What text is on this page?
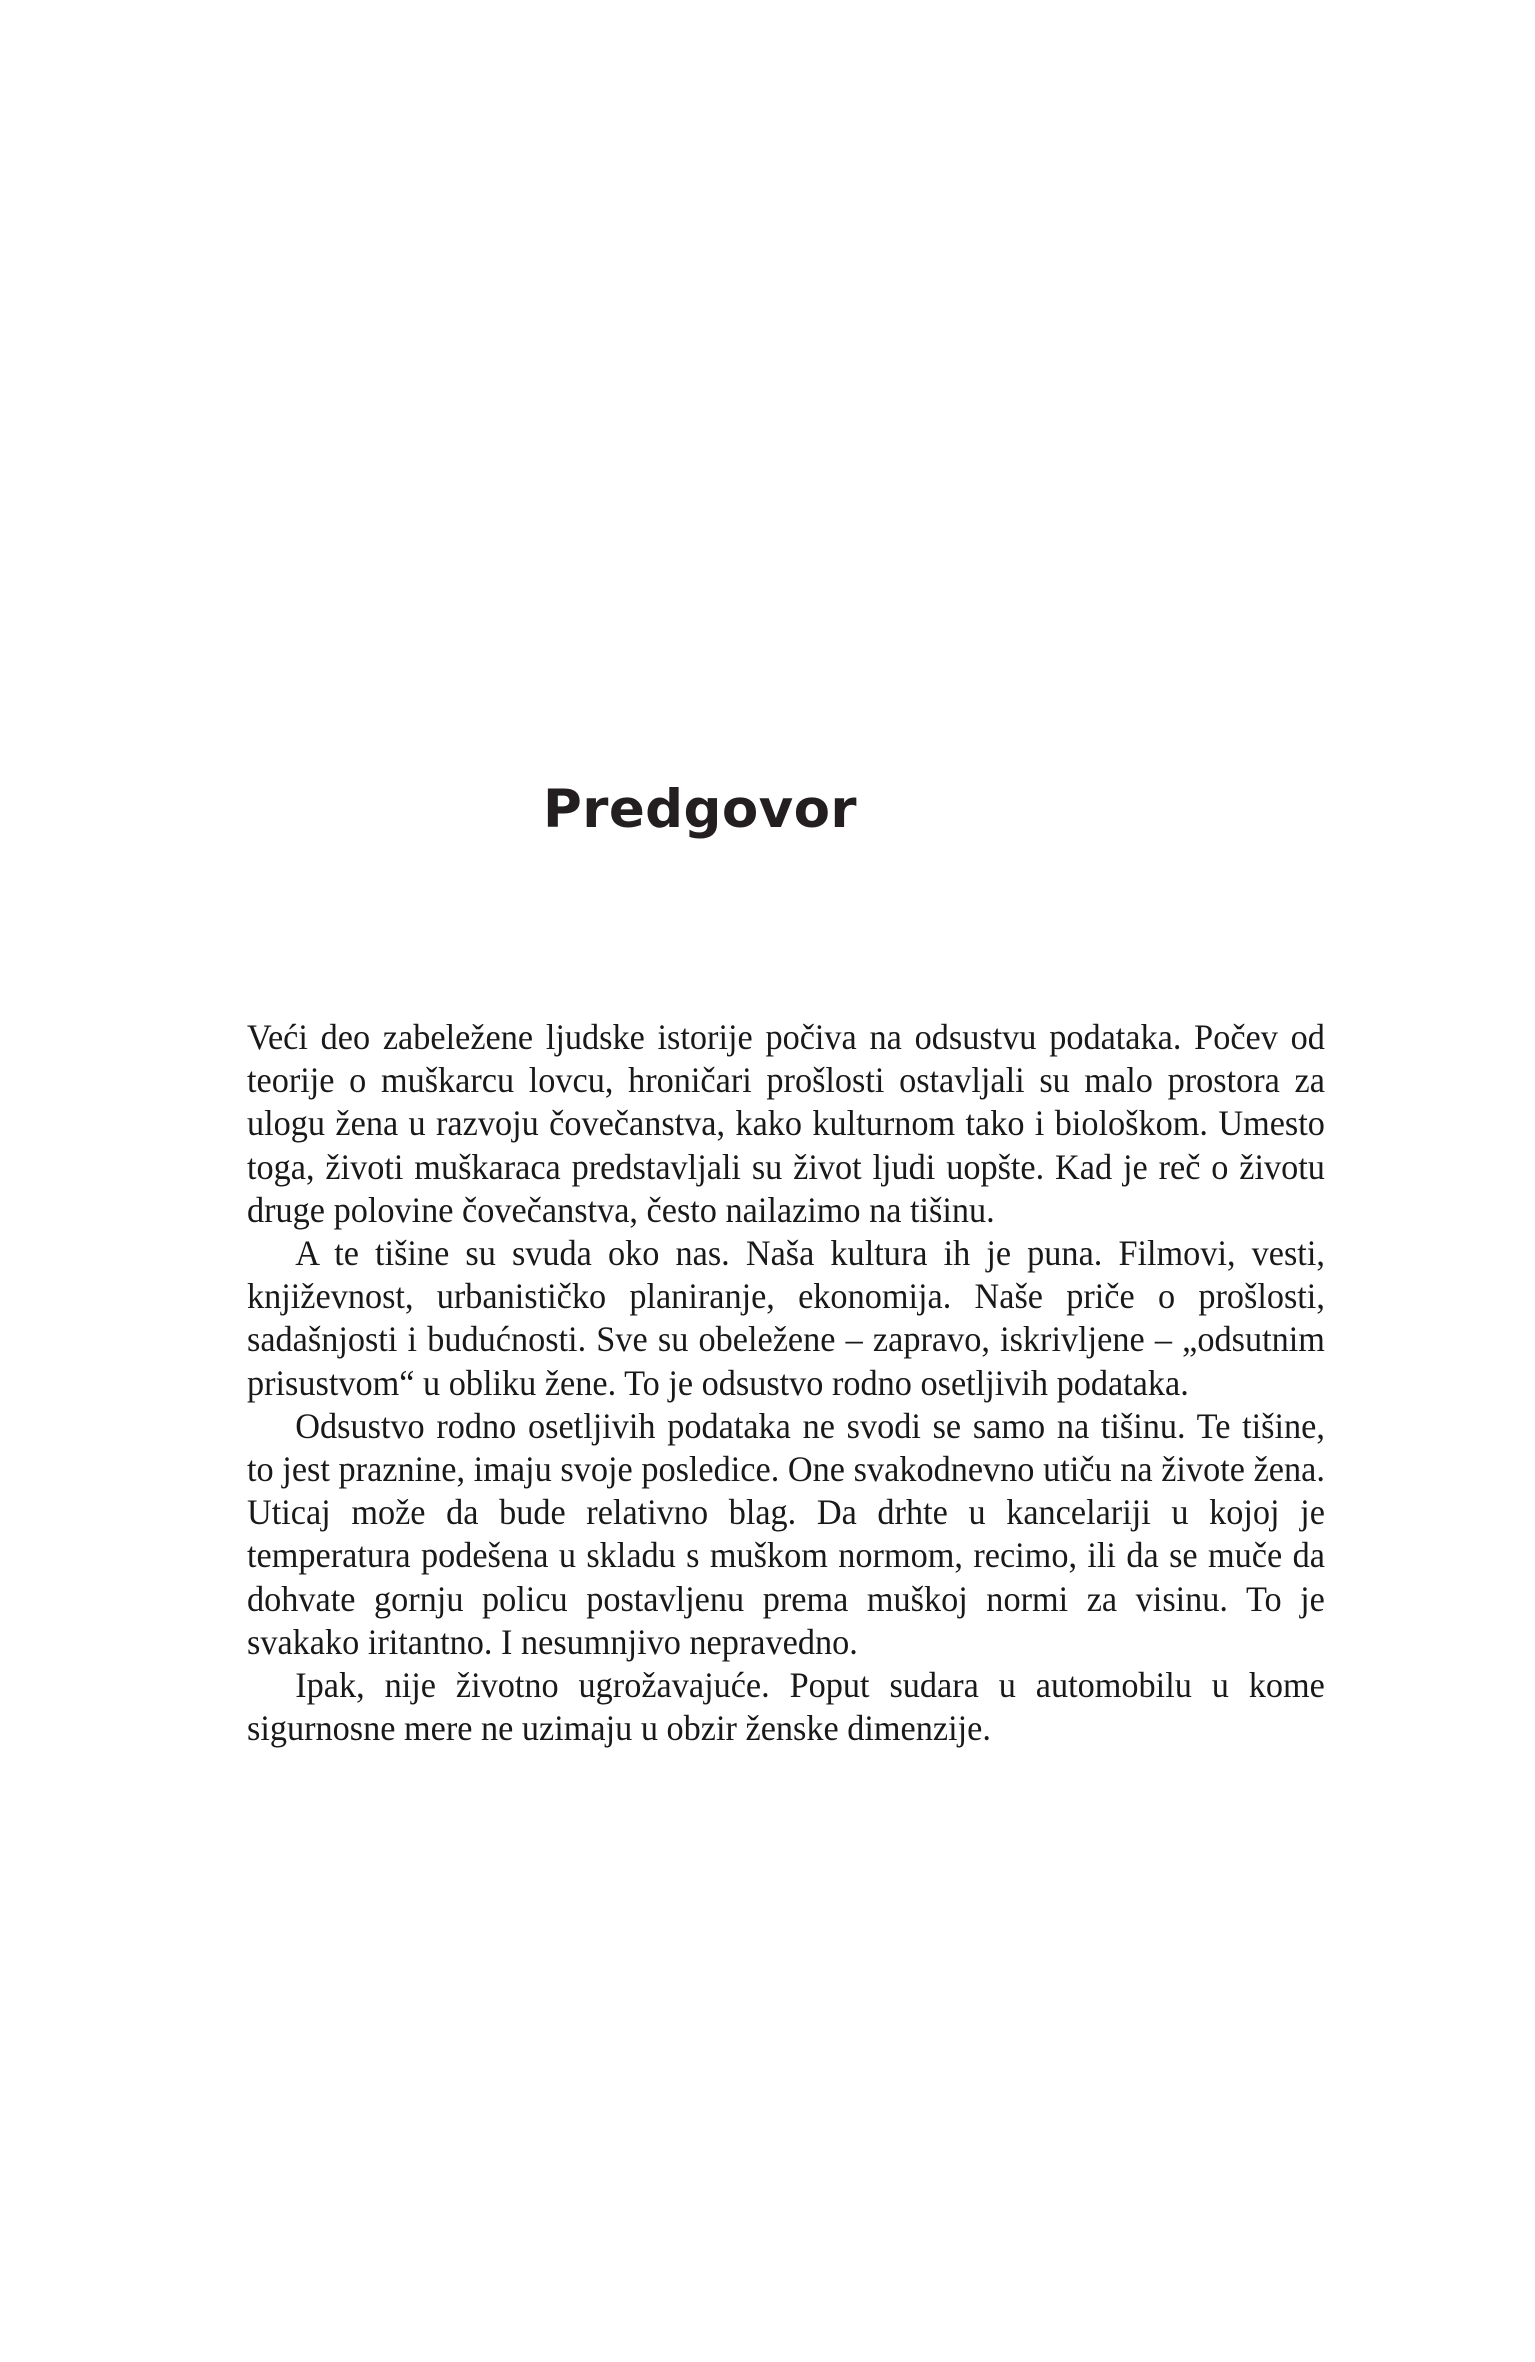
Predgovor

Veći deo zabeležene ljudske istorije počiva na odsustvu podataka. Počev od teorije o muškarcu lovcu, hroničari prošlosti ostavljali su malo prostora za ulogu žena u razvoju čovečanstva, kako kulturnom tako i biološkom. Umesto toga, životi muškaraca predstavljali su život ljudi uopšte. Kad je reč o životu druge polovine čovečanstva, često nailazimo na tišinu.

A te tišine su svuda oko nas. Naša kultura ih je puna. Filmovi, vesti, književnost, urbanističko planiranje, ekonomija. Naše priče o prošlosti, sadašnjosti i budućnosti. Sve su obeležene – zapravo, iskrivljene – „odsutnim prisustvom“ u obliku žene. To je odsustvo rodno osetljivih podataka.

Odsustvo rodno osetljivih podataka ne svodi se samo na tišinu. Te tišine, to jest praznine, imaju svoje posledice. One svakodnevno utiču na živote žena. Uticaj može da bude relativno blag. Da drhte u kancelariji u kojoj je temperatura podešena u skladu s muškom normom, recimo, ili da se muče da dohvate gornju policu postavljenu prema muškoj normi za visinu. To je svakako iritantno. I nesumnjivo nepravedno.

Ipak, nije životno ugrožavajuće. Poput sudara u automobilu u kome sigurnosne mere ne uzimaju u obzir ženske dimenzije.
